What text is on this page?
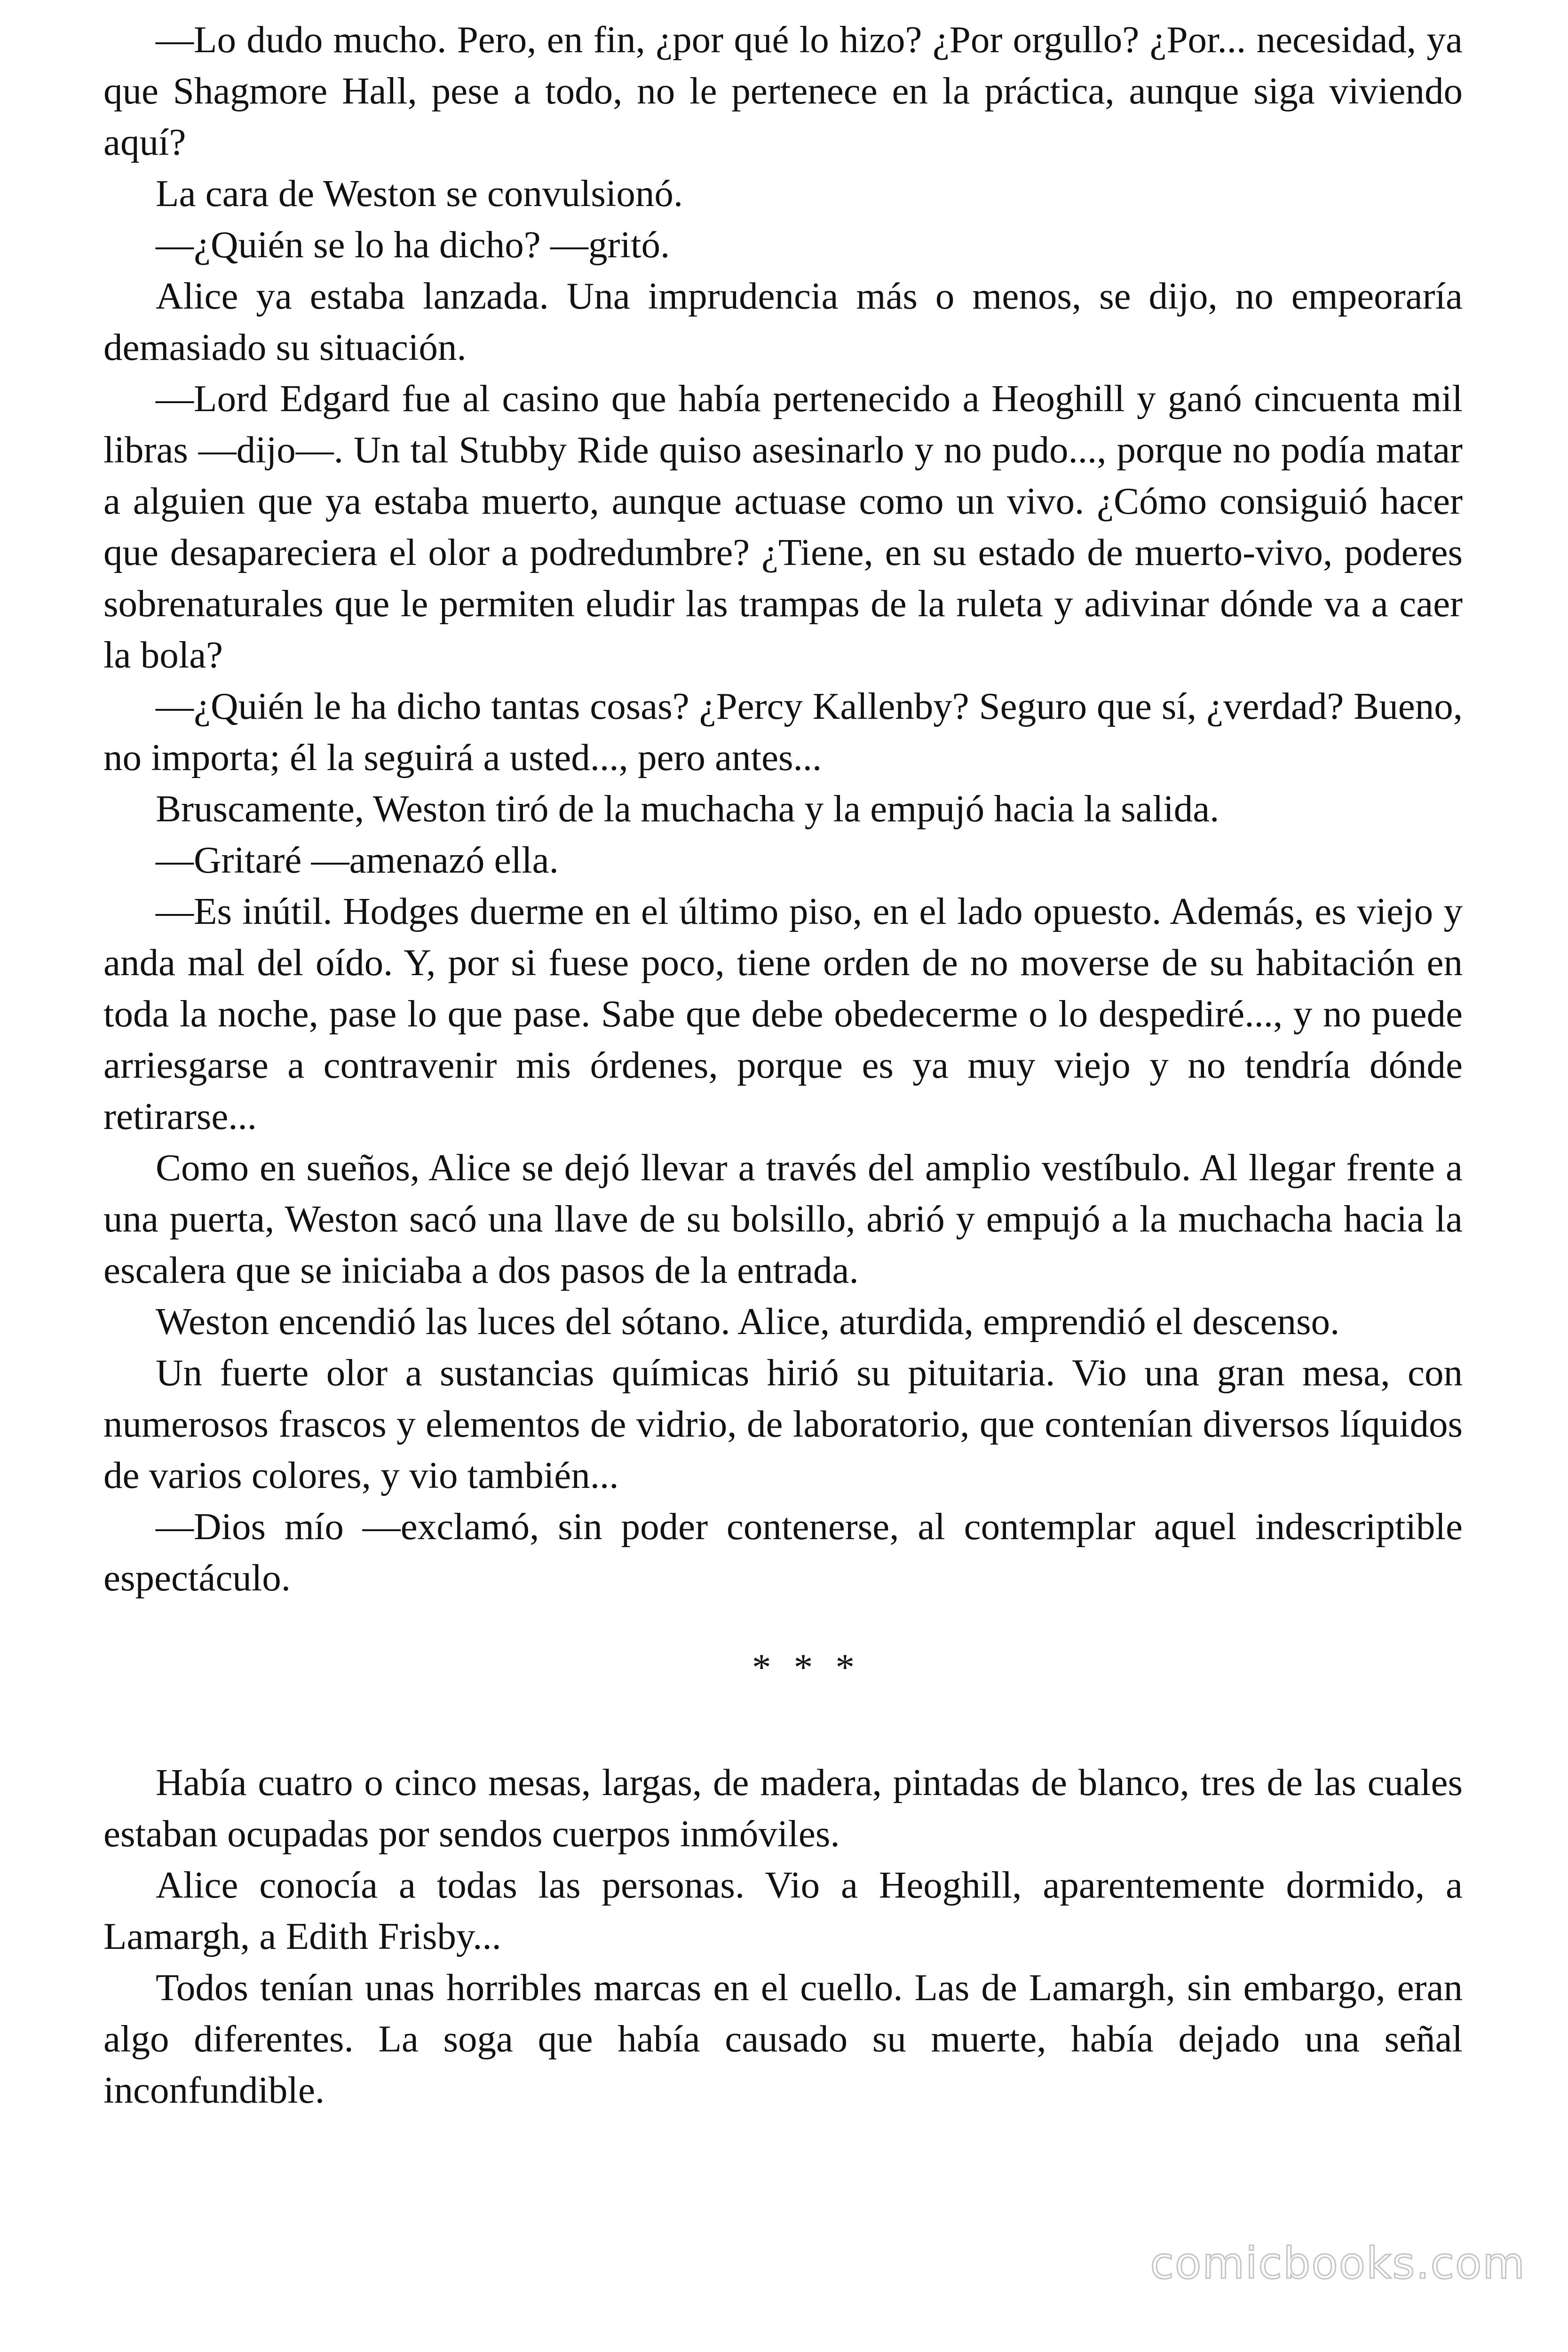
—Lo dudo mucho. Pero, en fin, ¿por qué lo hizo? ¿Por orgullo? ¿Por... necesidad, ya que Shagmore Hall, pese a todo, no le pertenece en la práctica, aunque siga viviendo aquí?

La cara de Weston se convulsionó.

—¿Quién se lo ha dicho? —gritó.

Alice ya estaba lanzada. Una imprudencia más o menos, se dijo, no empeoraría demasiado su situación.

—Lord Edgard fue al casino que había pertenecido a Heoghill y ganó cincuenta mil libras —dijo—. Un tal Stubby Ride quiso asesinarlo y no pudo..., porque no podía matar a alguien que ya estaba muerto, aunque actuase como un vivo. ¿Cómo consiguió hacer que desapareciera el olor a podredumbre? ¿Tiene, en su estado de muerto-vivo, poderes sobrenaturales que le permiten eludir las trampas de la ruleta y adivinar dónde va a caer la bola?

—¿Quién le ha dicho tantas cosas? ¿Percy Kallenby? Seguro que sí, ¿verdad? Bueno, no importa; él la seguirá a usted..., pero antes...

Bruscamente, Weston tiró de la muchacha y la empujó hacia la salida.

—Gritaré —amenazó ella.

—Es inútil. Hodges duerme en el último piso, en el lado opuesto. Además, es viejo y anda mal del oído. Y, por si fuese poco, tiene orden de no moverse de su habitación en toda la noche, pase lo que pase. Sabe que debe obedecerme o lo despediré..., y no puede arriesgarse a contravenir mis órdenes, porque es ya muy viejo y no tendría dónde retirarse...

Como en sueños, Alice se dejó llevar a través del amplio vestíbulo. Al llegar frente a una puerta, Weston sacó una llave de su bolsillo, abrió y empujó a la muchacha hacia la escalera que se iniciaba a dos pasos de la entrada.

Weston encendió las luces del sótano. Alice, aturdida, emprendió el descenso.

Un fuerte olor a sustancias químicas hirió su pituitaria. Vio una gran mesa, con numerosos frascos y elementos de vidrio, de laboratorio, que contenían diversos líquidos de varios colores, y vio también...

—Dios mío —exclamó, sin poder contenerse, al contemplar aquel indescriptible espectáculo.

* * *

Había cuatro o cinco mesas, largas, de madera, pintadas de blanco, tres de las cuales estaban ocupadas por sendos cuerpos inmóviles.

Alice conocía a todas las personas. Vio a Heoghill, aparentemente dormido, a Lamargh, a Edith Frisby...

Todos tenían unas horribles marcas en el cuello. Las de Lamargh, sin embargo, eran algo diferentes. La soga que había causado su muerte, había dejado una señal inconfundible.

comicbooks.com
